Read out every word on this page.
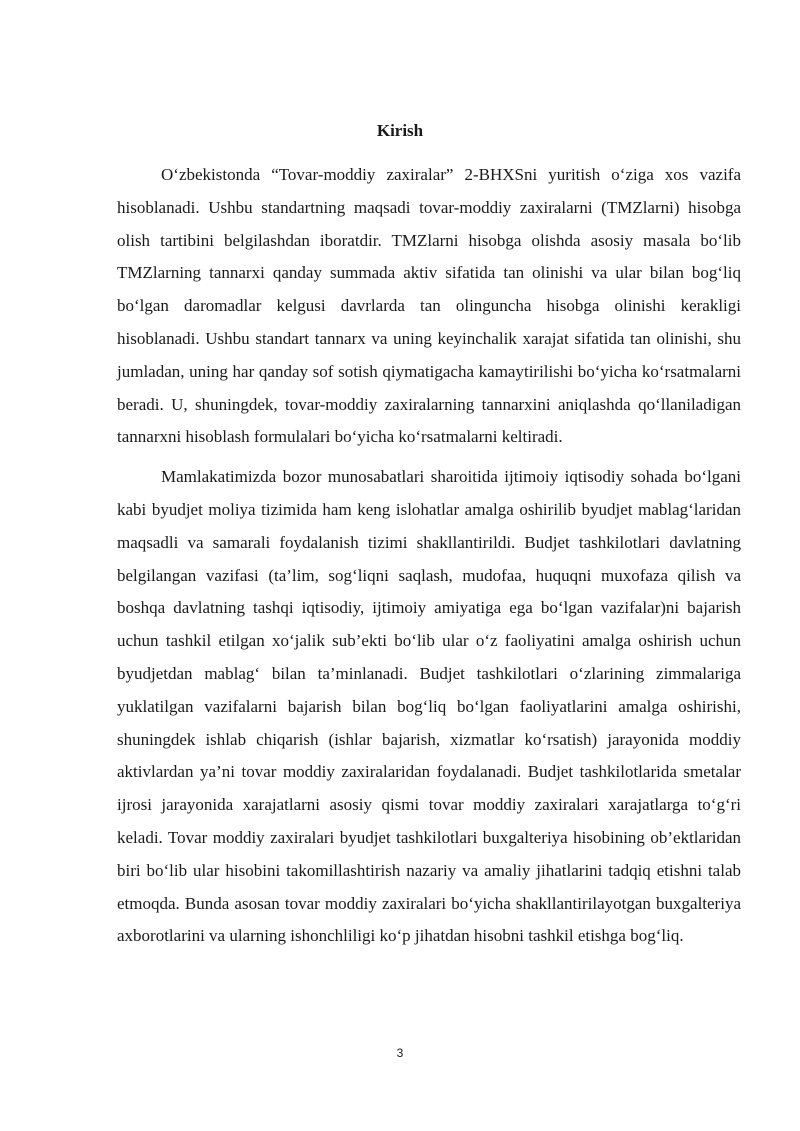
Kirish

O‘zbekistonda “Tovar-moddiy zaxiralar” 2-BHXSni yuritish o‘ziga xos vazifa hisoblanadi. Ushbu standartning maqsadi tovar-moddiy zaxiralarni (TMZlarni) hisobga olish tartibini belgilashdan iboratdir. TMZlarni hisobga olishda asosiy masala bo‘lib TMZlarning tannarxi qanday summada aktiv sifatida tan olinishi va ular bilan bog‘liq bo‘lgan daromadlar kelgusi davrlarda tan olinguncha hisobga olinishi kerakligi hisoblanadi. Ushbu standart tannarx va uning keyinchalik xarajat sifatida tan olinishi, shu jumladan, uning har qanday sof sotish qiymatigacha kamaytirilishi bo‘yicha ko‘rsatmalarni beradi. U, shuningdek, tovar-moddiy zaxiralarning tannarxini aniqlashda qo‘llaniladigan tannarxni hisoblash formulalari bo‘yicha ko‘rsatmalarni keltiradi.

Mamlakatimizda bozor munosabatlari sharoitida ijtimoiy iqtisodiy sohada bo‘lgani kabi byudjet moliya tizimida ham keng islohatlar amalga oshirilib byudjet mablag‘laridan maqsadli va samarali foydalanish tizimi shakllantirildi. Budjet tashkilotlari davlatning belgilangan vazifasi (ta’lim, sog‘liqni saqlash, mudofaa, huquqni muxofaza qilish va boshqa davlatning tashqi iqtisodiy, ijtimoiy amiyatiga ega bo‘lgan vazifalar)ni bajarish uchun tashkil etilgan xo‘jalik sub’ekti bo‘lib ular o‘z faoliyatini amalga oshirish uchun byudjetdan mablag‘ bilan ta’minlanadi. Budjet tashkilotlari o‘zlarining zimmalariga yuklatilgan vazifalarni bajarish bilan bog‘liq bo‘lgan faoliyatlarini amalga oshirishi, shuningdek ishlab chiqarish (ishlar bajarish, xizmatlar ko‘rsatish) jarayonida moddiy aktivlardan ya’ni tovar moddiy zaxiralaridan foydalanadi. Budjet tashkilotlarida smetalar ijrosi jarayonida xarajatlarni asosiy qismi tovar moddiy zaxiralari xarajatlarga to‘g‘ri keladi. Tovar moddiy zaxiralari byudjet tashkilotlari buxgalteriya hisobining ob’ektlaridan biri bo‘lib ular hisobini takomillashtirish nazariy va amaliy jihatlarini tadqiq etishni talab etmoqda. Bunda asosan tovar moddiy zaxiralari bo‘yicha shakllantirilayotgan buxgalteriya axborotlarini va ularning ishonchliligi ko‘p jihatdan hisobni tashkil etishga bog‘liq.

3
